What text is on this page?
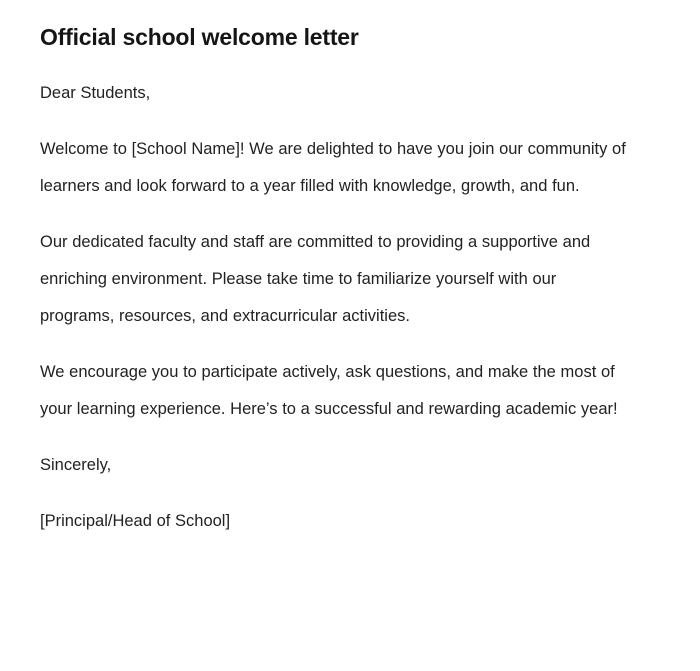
Official school welcome letter

Dear Students,

Welcome to [School Name]! We are delighted to have you join our community of learners and look forward to a year filled with knowledge, growth, and fun.

Our dedicated faculty and staff are committed to providing a supportive and enriching environment. Please take time to familiarize yourself with our programs, resources, and extracurricular activities.

We encourage you to participate actively, ask questions, and make the most of your learning experience. Here’s to a successful and rewarding academic year!

Sincerely,

[Principal/Head of School]
